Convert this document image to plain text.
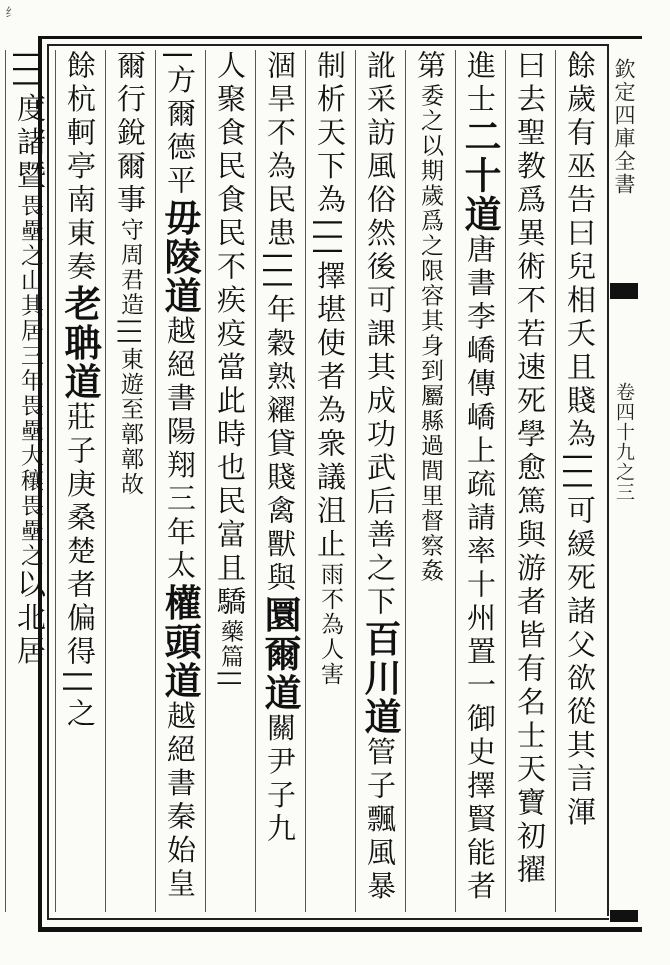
纟
欽定四庫全書
卷四十九之三
餘歲有巫告曰兒相夭且賤為|||可緩死諸父欲從其言渾
曰去聖教爲異術不若速死學愈篤與游者皆有名士天寶初擢
進士二十道唐書李嶠傳嶠上疏請率十州置一御史擇賢能者
第委之以期歲爲之限容其身到屬縣過閭里督察姦
訛采訪風俗然後可課其成功武后善之下百川道管子飄風暴
制析天下為|||擇堪使者為衆議沮止雨不為人害
涸旱不為民患|||年穀熟糴貸賤禽獸與圜爾道關尹子九
人聚食民食民不疾疫當此時也民富且驕藥篇||
|方爾德平毋陵道越絕書陽翔三年太權頭道越絕書秦始皇
爾行銳爾事守周君造|||東遊至鄣鄣故
餘杭軻亭南東奏老聃道莊子庚桑楚者偏得||之
|||度諸暨畏壘之山其居三年畏壘大穰畏壘之以北居
